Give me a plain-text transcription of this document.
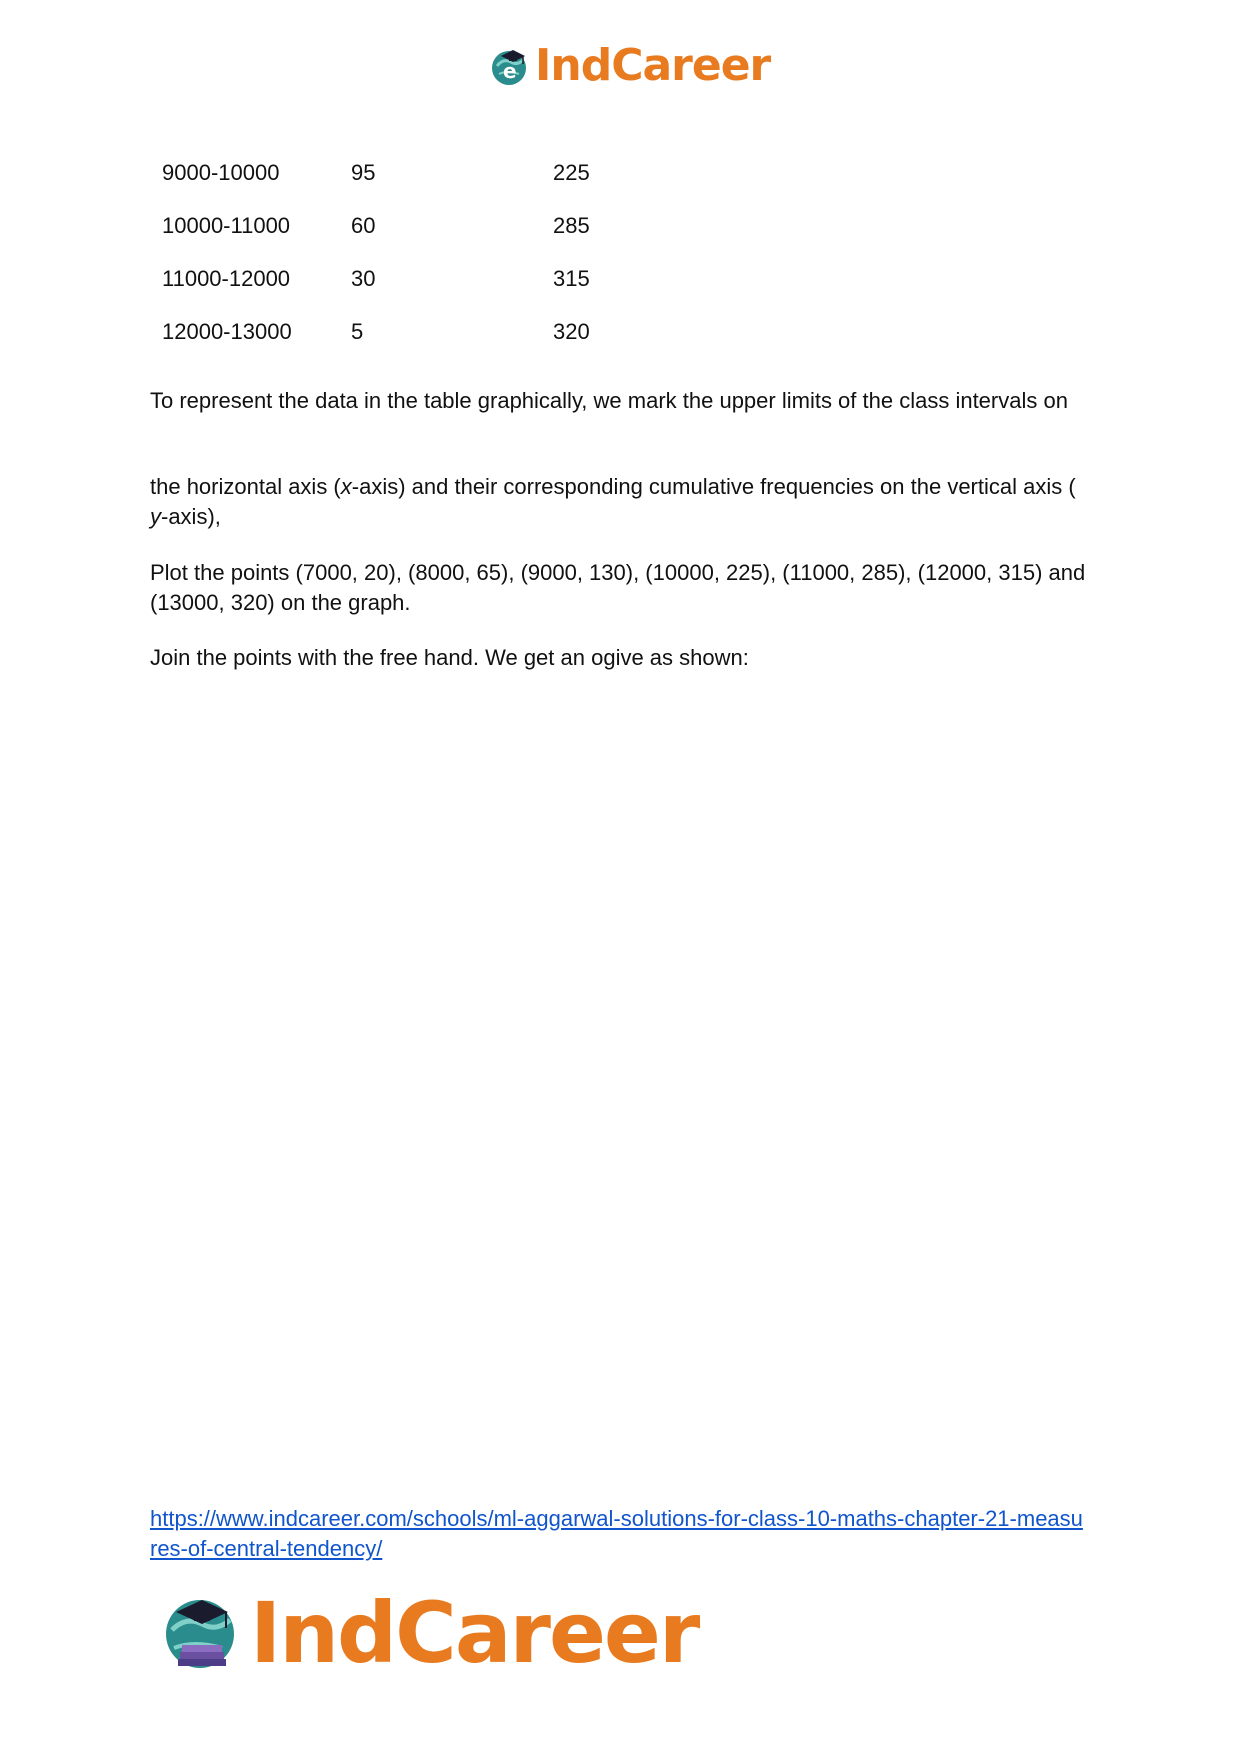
e IndCareer
9000-10000	95	225
10000-11000	60	285
11000-12000	30	315
12000-13000	5	320
To represent the data in the table graphically, we mark the upper limits of the class intervals on
the horizontal axis (x-axis) and their corresponding cumulative frequencies on the vertical axis ( y-axis),
Plot the points (7000, 20), (8000, 65), (9000, 130), (10000, 225), (11000, 285), (12000, 315) and (13000, 320) on the graph.
Join the points with the free hand. We get an ogive as shown:
https://www.indcareer.com/schools/ml-aggarwal-solutions-for-class-10-maths-chapter-21-measures-of-central-tendency/
IndCareer
